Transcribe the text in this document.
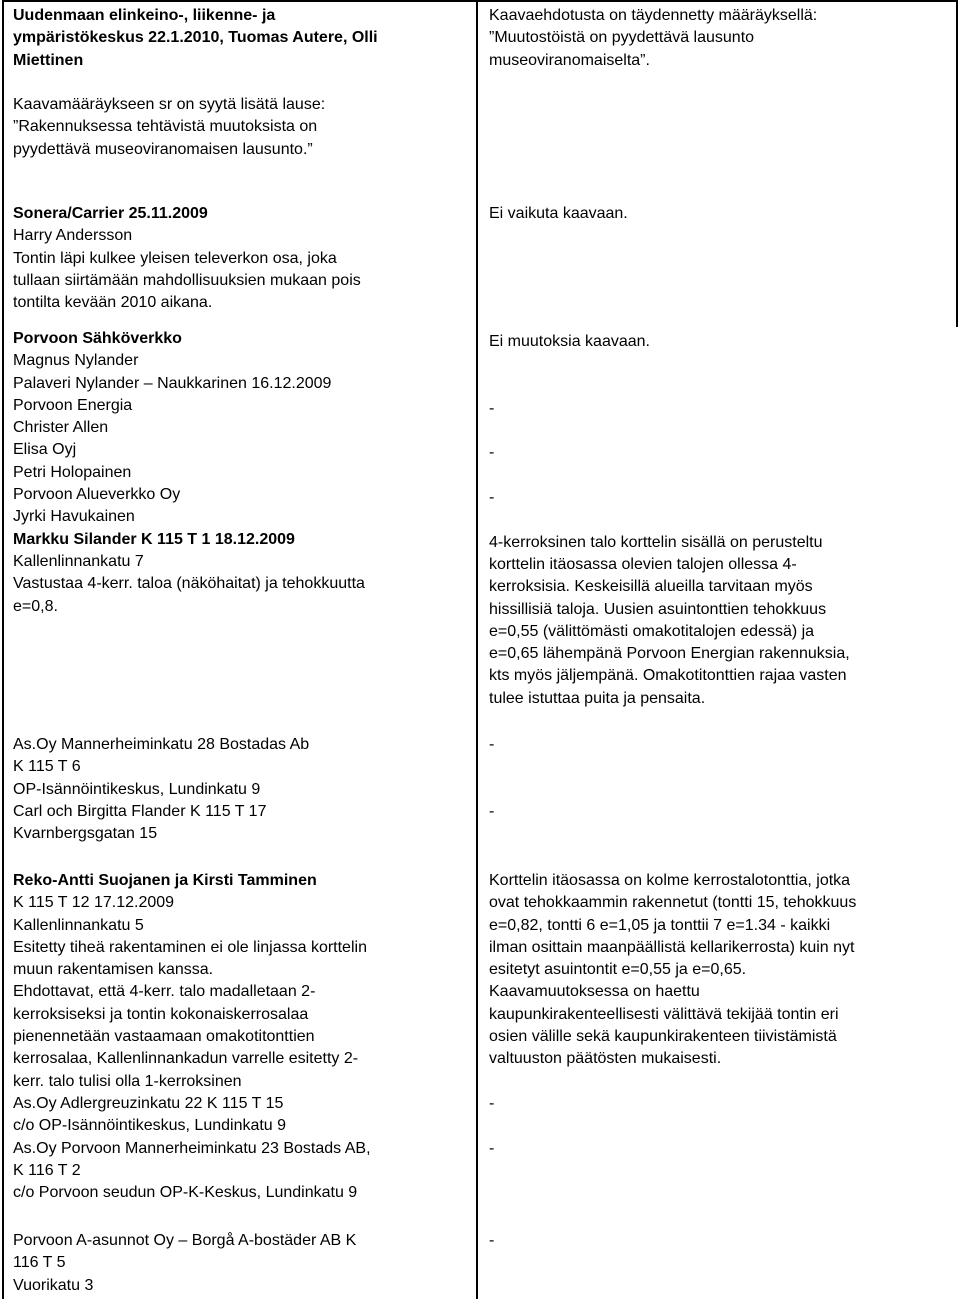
Uudenmaan elinkeino-, liikenne- ja
ympäristökeskus 22.1.2010, Tuomas Autere, Olli
Miettinen
Kaavamääräykseen sr on syytä lisätä lause:
”Rakennuksessa tehtävistä muutoksista on
pyydettävä museoviranomaisen lausunto.”
Kaavaehdotusta on täydennetty määräyksellä:
”Muutostöistä on pyydettävä lausunto
museoviranomaiselta”.
Sonera/Carrier 25.11.2009
Harry Andersson
Tontin läpi kulkee yleisen televerkon osa, joka
tullaan siirtämään mahdollisuuksien mukaan pois
tontilta kevään 2010 aikana.
Ei vaikuta kaavaan.
Porvoon Sähköverkko
Magnus Nylander
Palaveri Nylander – Naukkarinen 16.12.2009
Porvoon Energia
Christer Allen
Elisa Oyj
Petri Holopainen
Porvoon Alueverkko Oy
Jyrki Havukainen
Markku Silander K 115 T 1 18.12.2009
Kallenlinnankatu 7
Vastustaa 4-kerr. taloa (näköhaitat) ja tehokkuutta
e=0,8.
Ei muutoksia kaavaan.
-
-
-
4-kerroksinen talo korttelin sisällä on perusteltu
korttelin itäosassa olevien talojen ollessa 4-
kerroksisia. Keskeisillä alueilla tarvitaan myös
hissillisiä taloja. Uusien asuintonttien tehokkuus
e=0,55 (välittömästi omakotitalojen edessä) ja
e=0,65 lähempänä Porvoon Energian rakennuksia,
kts myös jäljempänä. Omakotitonttien rajaa vasten
tulee istuttaa puita ja pensaita.
As.Oy Mannerheiminkatu 28 Bostadas Ab
K 115 T 6
OP-Isännöintikeskus, Lundinkatu 9
Carl och Birgitta Flander K 115 T 17
Kvarnbergsgatan 15
-
-
Reko-Antti Suojanen ja Kirsti Tamminen
K 115 T 12 17.12.2009
Kallenlinnankatu 5
Esitetty tiheä rakentaminen ei ole linjassa korttelin
muun rakentamisen kanssa.
Ehdottavat, että 4-kerr. talo madalletaan 2-
kerroksiseksi ja tontin kokonaiskerrosalaa
pienennetään vastaamaan omakotitonttien
kerrosalaa, Kallenlinnankadun varrelle esitetty 2-
kerr. talo tulisi olla 1-kerroksinen
As.Oy Adlergreuzinkatu 22 K 115 T 15
c/o OP-Isännöintikeskus, Lundinkatu 9
As.Oy Porvoon Mannerheiminkatu 23 Bostads AB,
K 116 T 2
c/o Porvoon seudun OP-K-Keskus, Lundinkatu 9
Korttelin itäosassa on kolme kerrostalotonttia, jotka
ovat tehokkaammin rakennetut (tontti 15, tehokkuus
e=0,82, tontti 6 e=1,05 ja tonttii 7 e=1.34 - kaikki
ilman osittain maanpäällistä kellarikerrosta) kuin nyt
esitetyt asuintontit e=0,55 ja e=0,65.
Kaavamuutoksessa on haettu
kaupunkirakenteellisesti välittävä tekijää tontin eri
osien välille sekä kaupunkirakenteen tiivistämistä
valtuuston päätösten mukaisesti.
-
-
Porvoon A-asunnot Oy – Borgå A-bostäder AB K
116 T 5
Vuorikatu 3
-
